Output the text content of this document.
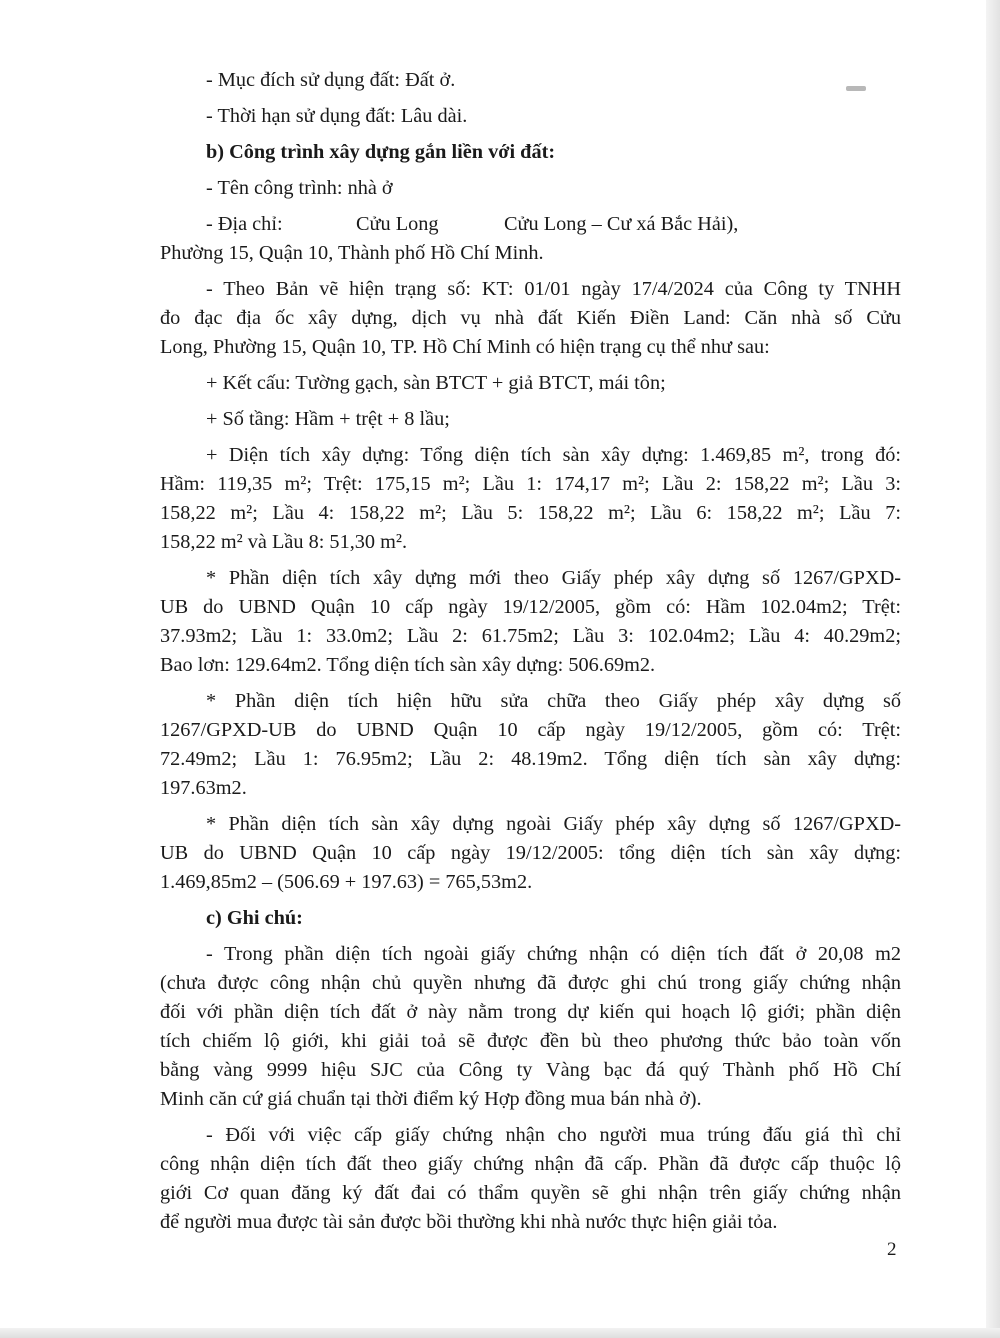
- Mục đích sử dụng đất: Đất ở.
- Thời hạn sử dụng đất: Lâu dài.
b) Công trình xây dựng gắn liền với đất:
- Tên công trình: nhà ở
- Địa chỉ:	Cửu Long	Cửu Long – Cư xá Bắc Hải),
Phường 15, Quận 10, Thành phố Hồ Chí Minh.
- Theo Bản vẽ hiện trạng số: KT: 01/01 ngày 17/4/2024 của Công ty TNHH
đo đạc địa ốc xây dựng, dịch vụ nhà đất Kiến Điền Land: Căn nhà số Cửu
Long, Phường 15, Quận 10, TP. Hồ Chí Minh có hiện trạng cụ thể như sau:
+ Kết cấu: Tường gạch, sàn BTCT + giả BTCT, mái tôn;
+ Số tầng: Hầm + trệt + 8 lầu;
+ Diện tích xây dựng: Tổng diện tích sàn xây dựng: 1.469,85 m², trong đó:
Hầm: 119,35 m²; Trệt: 175,15 m²; Lầu 1: 174,17 m²; Lầu 2: 158,22 m²; Lầu 3:
158,22 m²; Lầu 4: 158,22 m²; Lầu 5: 158,22 m²; Lầu 6: 158,22 m²; Lầu 7:
158,22 m² và Lầu 8: 51,30 m².
* Phần diện tích xây dựng mới theo Giấy phép xây dựng số 1267/GPXD-
UB do UBND Quận 10 cấp ngày 19/12/2005, gồm có: Hầm 102.04m2; Trệt:
37.93m2; Lầu 1: 33.0m2; Lầu 2: 61.75m2; Lầu 3: 102.04m2; Lầu 4: 40.29m2;
Bao lơn: 129.64m2. Tổng diện tích sàn xây dựng: 506.69m2.
* Phần diện tích hiện hữu sửa chữa theo Giấy phép xây dựng số
1267/GPXD-UB do UBND Quận 10 cấp ngày 19/12/2005, gồm có: Trệt:
72.49m2; Lầu 1: 76.95m2; Lầu 2: 48.19m2. Tổng diện tích sàn xây dựng:
197.63m2.
* Phần diện tích sàn xây dựng ngoài Giấy phép xây dựng số 1267/GPXD-
UB do UBND Quận 10 cấp ngày 19/12/2005: tổng diện tích sàn xây dựng:
1.469,85m2 – (506.69 + 197.63) = 765,53m2.
c) Ghi chú:
- Trong phần diện tích ngoài giấy chứng nhận có diện tích đất ở 20,08 m2
(chưa được công nhận chủ quyền nhưng đã được ghi chú trong giấy chứng nhận
đối với phần diện tích đất ở này nằm trong dự kiến qui hoạch lộ giới; phần diện
tích chiếm lộ giới, khi giải toả sẽ được đền bù theo phương thức bảo toàn vốn
bằng vàng 9999 hiệu SJC của Công ty Vàng bạc đá quý Thành phố Hồ Chí
Minh căn cứ giá chuẩn tại thời điểm ký Hợp đồng mua bán nhà ở).
- Đối với việc cấp giấy chứng nhận cho người mua trúng đấu giá thì chỉ
công nhận diện tích đất theo giấy chứng nhận đã cấp. Phần đã được cấp thuộc lộ
giới Cơ quan đăng ký đất đai có thẩm quyền sẽ ghi nhận trên giấy chứng nhận
để người mua được tài sản được bồi thường khi nhà nước thực hiện giải tỏa.
2
